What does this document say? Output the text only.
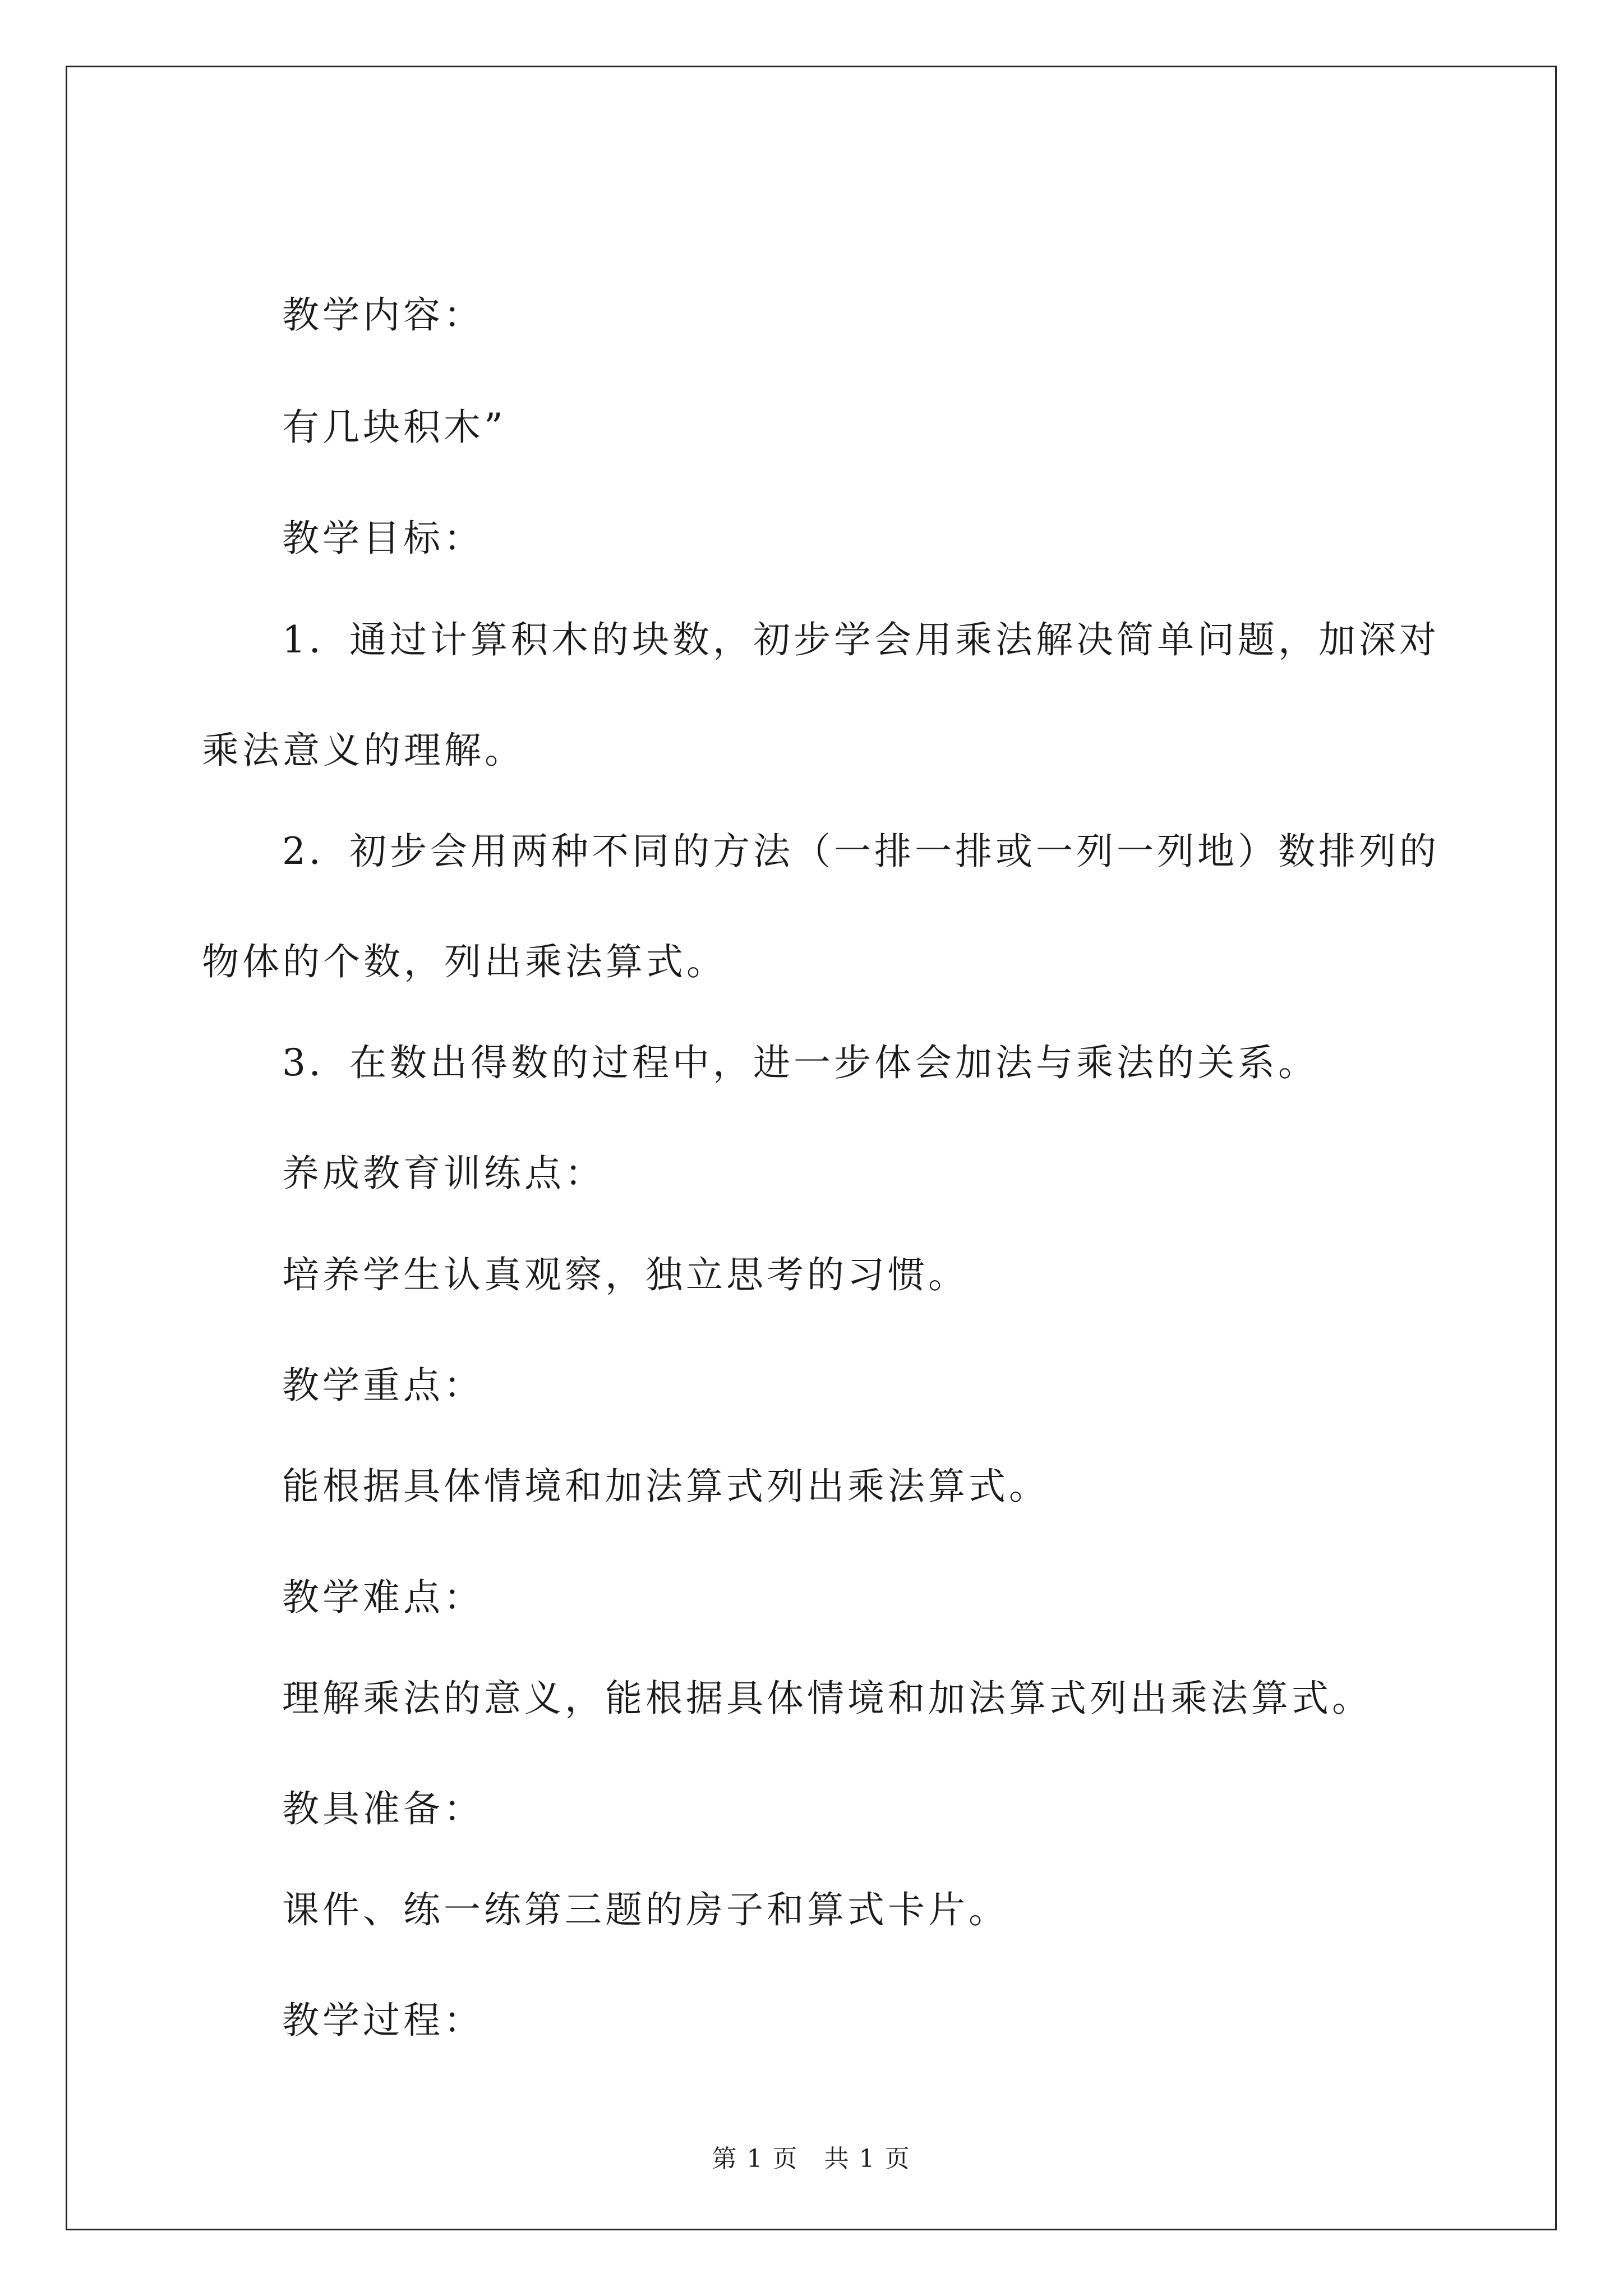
教学内容：
有几块积木”
教学目标：
1．通过计算积木的块数，初步学会用乘法解决简单问题，加深对
乘法意义的理解。
2．初步会用两种不同的方法（一排一排或一列一列地）数排列的
物体的个数，列出乘法算式。
3．在数出得数的过程中，进一步体会加法与乘法的关系。
养成教育训练点：
培养学生认真观察，独立思考的习惯。
教学重点：
能根据具体情境和加法算式列出乘法算式。
教学难点：
理解乘法的意义，能根据具体情境和加法算式列出乘法算式。
教具准备：
课件、练一练第三题的房子和算式卡片。
教学过程：
第 1 页　共 1 页
